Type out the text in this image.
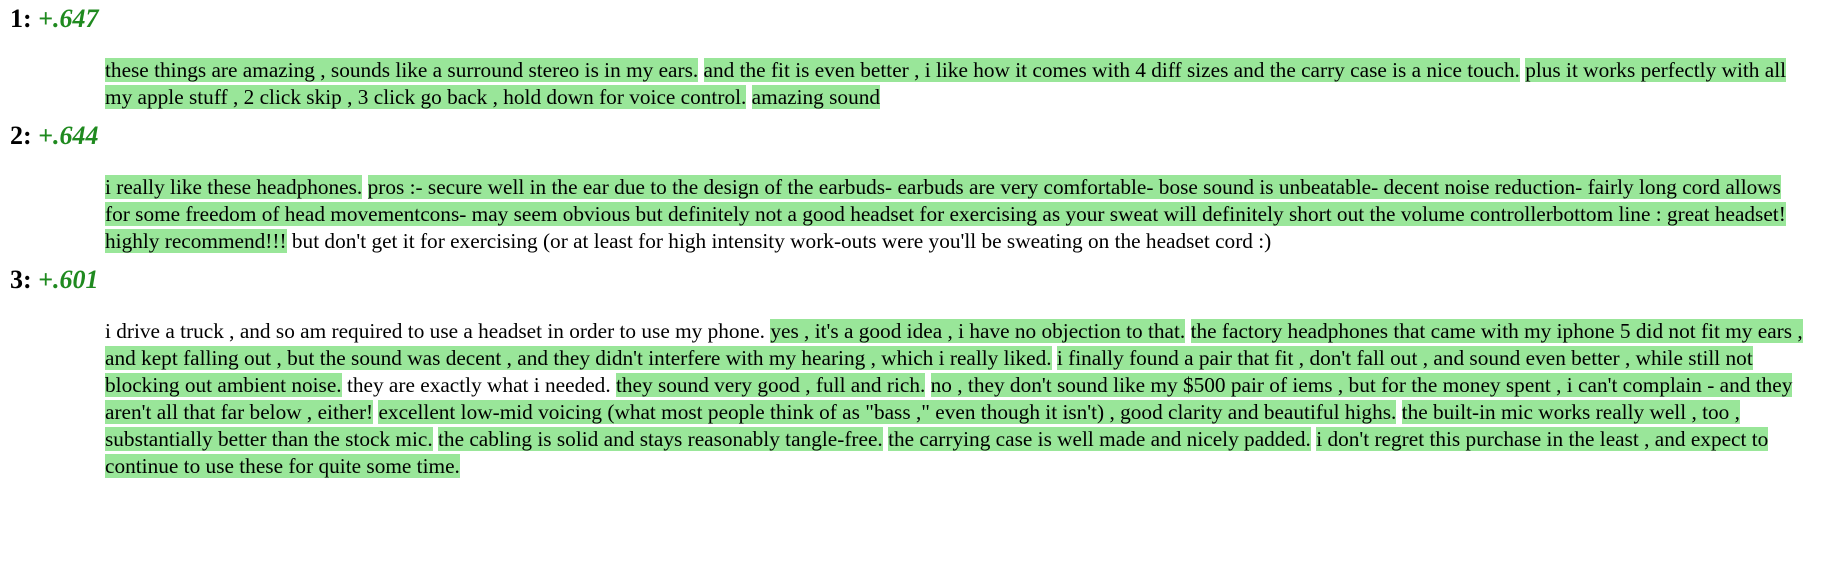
1: +.647

these things are amazing , sounds like a surround stereo is in my ears. and the fit is even better , i like how it comes with 4 diff sizes and the carry case is a nice touch. plus it works perfectly with all my apple stuff , 2 click skip , 3 click go back , hold down for voice control. amazing sound

2: +.644

i really like these headphones. pros :- secure well in the ear due to the design of the earbuds- earbuds are very comfortable- bose sound is unbeatable- decent noise reduction- fairly long cord allows for some freedom of head movementcons- may seem obvious but definitely not a good headset for exercising as your sweat will definitely short out the volume controllerbottom line : great headset! highly recommend!!! but don't get it for exercising (or at least for high intensity work-outs were you'll be sweating on the headset cord :)

3: +.601

i drive a truck , and so am required to use a headset in order to use my phone. yes , it's a good idea , i have no objection to that. the factory headphones that came with my iphone 5 did not fit my ears , and kept falling out , but the sound was decent , and they didn't interfere with my hearing , which i really liked. i finally found a pair that fit , don't fall out , and sound even better , while still not blocking out ambient noise. they are exactly what i needed. they sound very good , full and rich. no , they don't sound like my $500 pair of iems , but for the money spent , i can't complain - and they aren't all that far below , either! excellent low-mid voicing (what most people think of as "bass ," even though it isn't) , good clarity and beautiful highs. the built-in mic works really well , too , substantially better than the stock mic. the cabling is solid and stays reasonably tangle-free. the carrying case is well made and nicely padded. i don't regret this purchase in the least , and expect to continue to use these for quite some time.
